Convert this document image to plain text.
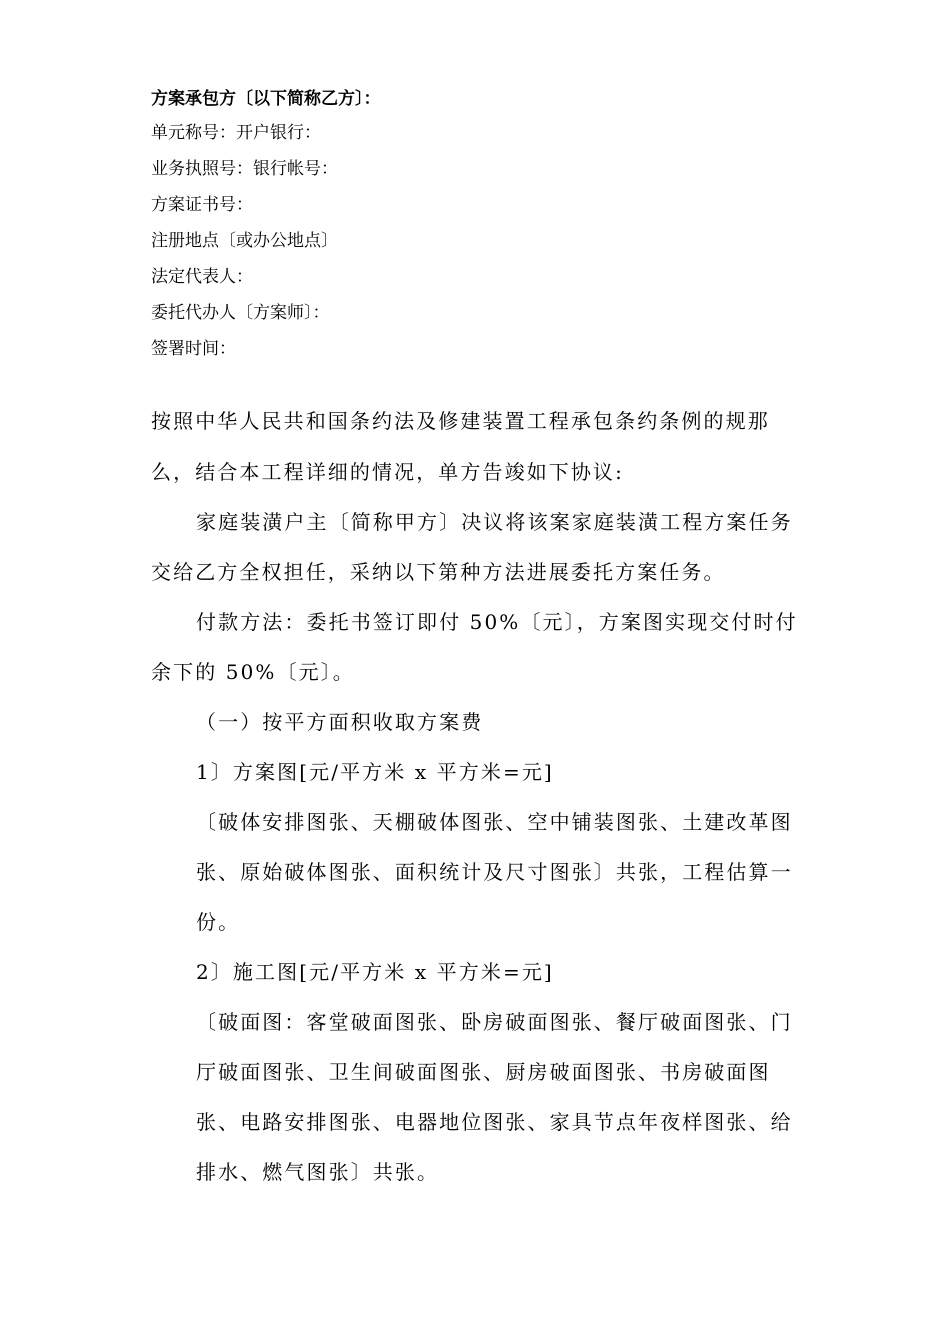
方案承包方〔以下简称乙方〕：
单元称号：开户银行：
业务执照号：银行帐号：
方案证书号：
注册地点〔或办公地点〕
法定代表人：
委托代办人〔方案师〕：
签署时间：
按照中华人民共和国条约法及修建装置工程承包条约条例的规那
么，结合本工程详细的情况，单方告竣如下协议:
家庭装潢户主〔简称甲方〕决议将该案家庭装潢工程方案任务
交给乙方全权担任，采纳以下第种方法进展委托方案任务。
付款方法：委托书签订即付 50%〔元〕，方案图实现交付时付
余下的 50%〔元〕。
（一）按平方面积收取方案费
1〕方案图[元/平方米 x 平方米=元]
〔破体安排图张、天棚破体图张、空中铺装图张、土建改革图
张、原始破体图张、面积统计及尺寸图张〕共张，工程估算一
份。
2〕施工图[元/平方米 x 平方米=元]
〔破面图：客堂破面图张、卧房破面图张、餐厅破面图张、门
厅破面图张、卫生间破面图张、厨房破面图张、书房破面图
张、电路安排图张、电器地位图张、家具节点年夜样图张、给
排水、燃气图张〕共张。
